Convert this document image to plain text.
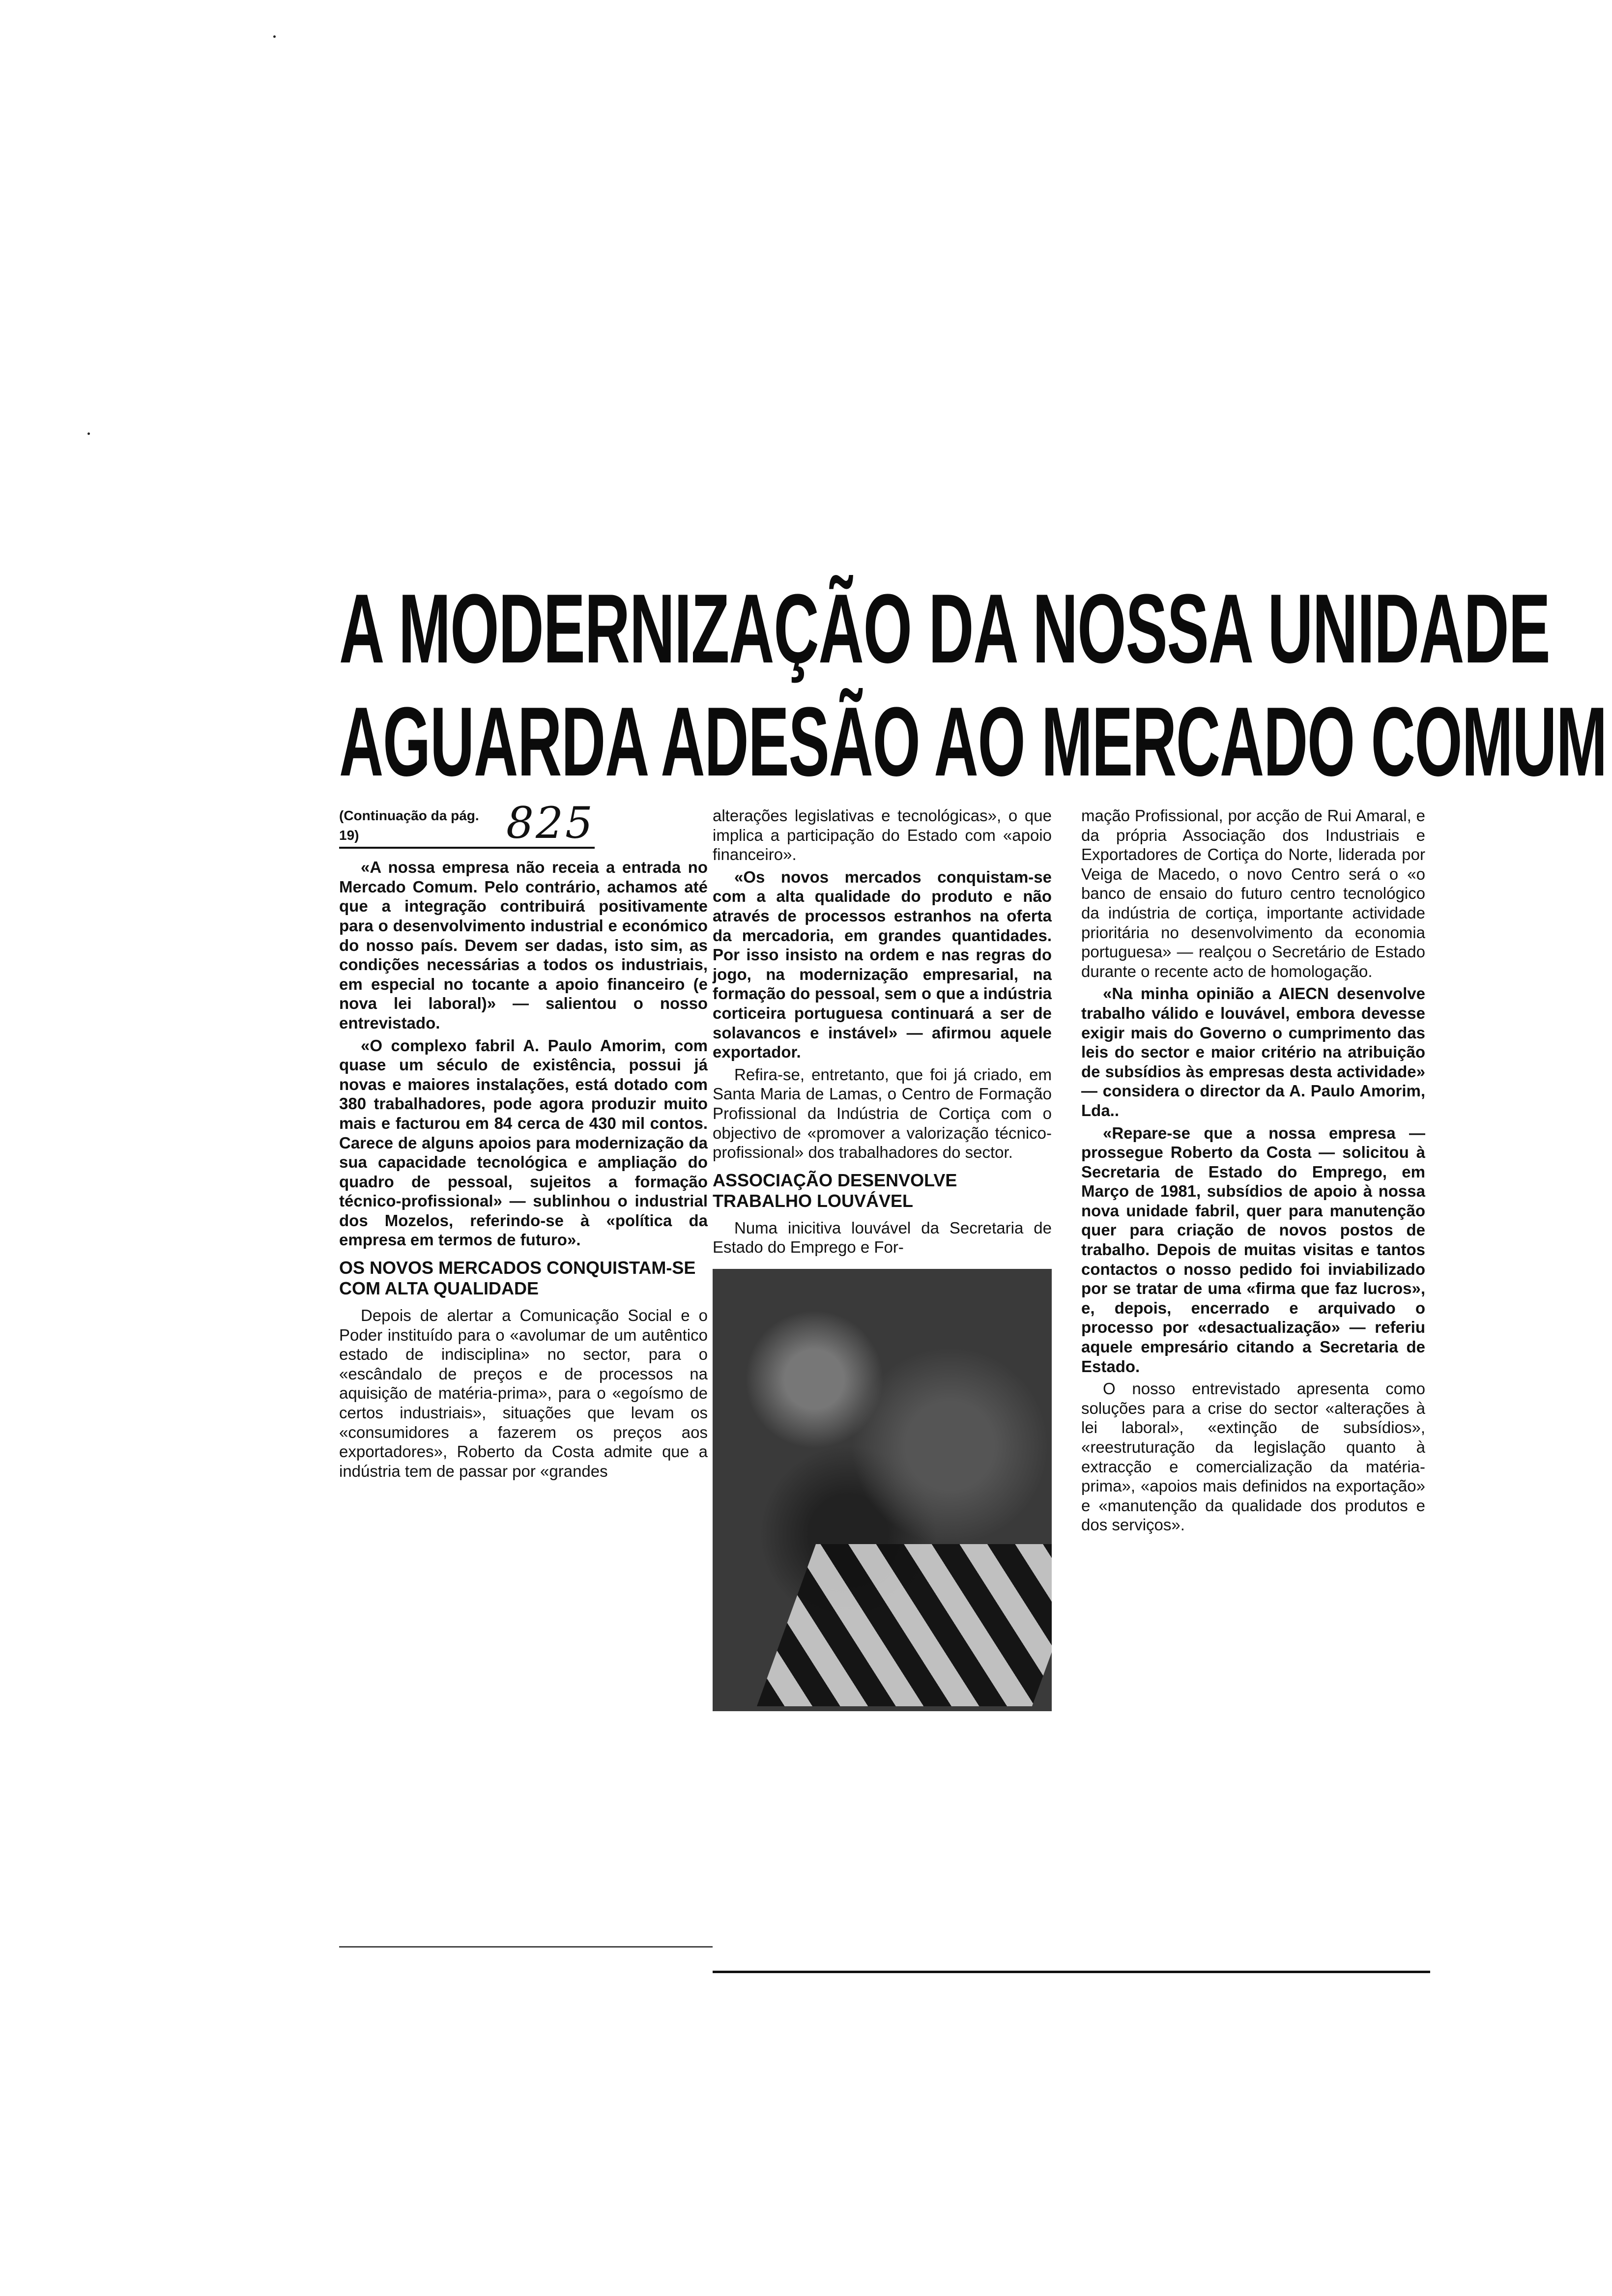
A MODERNIZAÇÃO DA NOSSA UNIDADE
AGUARDA ADESÃO AO MERCADO COMUM
(Continuação da pág. 19)	825

«A nossa empresa não receia a entrada no Mercado Comum. Pelo contrário, achamos até que a integração contribuirá positivamente para o desenvolvimento industrial e económico do nosso país. Devem ser dadas, isto sim, as condições necessárias a todos os industriais, em especial no tocante a apoio financeiro (e nova lei laboral)» — salientou o nosso entrevistado.

«O complexo fabril A. Paulo Amorim, com quase um século de existência, possui já novas e maiores instalações, está dotado com 380 trabalhadores, pode agora produzir muito mais e facturou em 84 cerca de 430 mil contos. Carece de alguns apoios para modernização da sua capacidade tecnológica e ampliação do quadro de pessoal, sujeitos a formação técnico-profissional» — sublinhou o industrial dos Mozelos, referindo-se à «política da empresa em termos de futuro».

OS NOVOS MERCADOS CONQUISTAM-SE COM ALTA QUALIDADE

Depois de alertar a Comunicação Social e o Poder instituído para o «avolumar de um autêntico estado de indisciplina» no sector, para o «escândalo de preços e de processos na aquisição de matéria-prima», para o «egoísmo de certos industriais», situações que levam os «consumidores a fazerem os preços aos exportadores», Roberto da Costa admite que a indústria tem de passar por «grandes

alterações legislativas e tecnológicas», o que implica a participação do Estado com «apoio financeiro».

«Os novos mercados conquistam-se com a alta qualidade do produto e não através de processos estranhos na oferta da mercadoria, em grandes quantidades. Por isso insisto na ordem e nas regras do jogo, na modernização empresarial, na formação do pessoal, sem o que a indústria corticeira portuguesa continuará a ser de solavancos e instável» — afirmou aquele exportador.

Refira-se, entretanto, que foi já criado, em Santa Maria de Lamas, o Centro de Formação Profissional da Indústria de Cortiça com o objectivo de «promover a valorização técnico-profissional» dos trabalhadores do sector.

ASSOCIAÇÃO DESENVOLVE TRABALHO LOUVÁVEL

Numa inicitiva louvável da Secretaria de Estado do Emprego e For-

mação Profissional, por acção de Rui Amaral, e da própria Associação dos Industriais e Exportadores de Cortiça do Norte, liderada por Veiga de Macedo, o novo Centro será o «o banco de ensaio do futuro centro tecnológico da indústria de cortiça, importante actividade prioritária no desenvolvimento da economia portuguesa» — realçou o Secretário de Estado durante o recente acto de homologação.

«Na minha opinião a AIECN desenvolve trabalho válido e louvável, embora devesse exigir mais do Governo o cumprimento das leis do sector e maior critério na atribuição de subsídios às empresas desta actividade» — considera o director da A. Paulo Amorim, Lda..

«Repare-se que a nossa empresa — prossegue Roberto da Costa — solicitou à Secretaria de Estado do Emprego, em Março de 1981, subsídios de apoio à nossa nova unidade fabril, quer para manutenção quer para criação de novos postos de trabalho. Depois de muitas visitas e tantos contactos o nosso pedido foi inviabilizado por se tratar de uma «firma que faz lucros», e, depois, encerrado e arquivado o processo por «desactualização» — referiu aquele empresário citando a Secretaria de Estado.

O nosso entrevistado apresenta como soluções para a crise do sector «alterações à lei laboral», «extinção de subsídios», «reestruturação da legislação quanto à extracção e comercialização da matéria-prima», «apoios mais definidos na exportação» e «manutenção da qualidade dos produtos e dos serviços».
